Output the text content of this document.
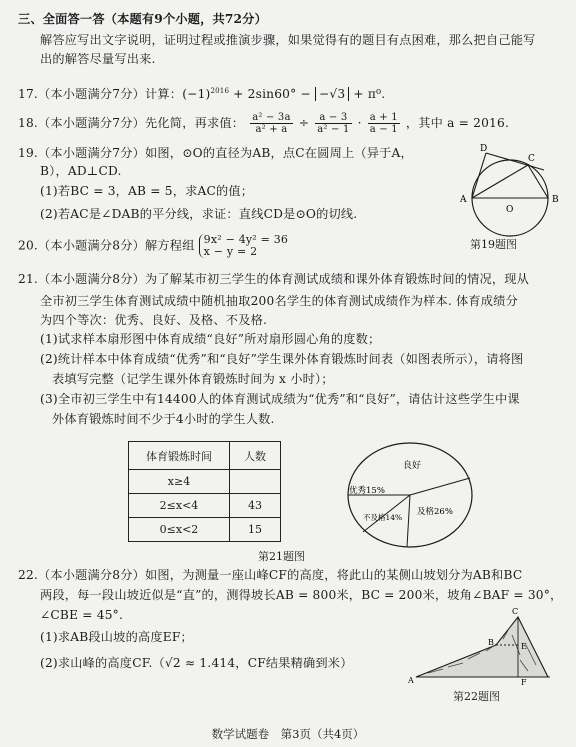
三、全面答一答（本题有9个小题，共72分）
解答应写出文字说明，证明过程或推演步骤，如果觉得有的题目有点困难，那么把自己能写
出的解答尽量写出来.
17.（本小题满分7分）计算：$(-1)^{2016} + 2\sin 60^\circ - -√3 + \pi^0$.
18.（本小题满分7分）先化简，再求值： $\frac{\text{a² − 3a}}{\text{a² + a}} \div \frac{a - 3}{\text{a² − 1}} \cdot \frac{a + 1}{a - 1}$ ，其中 a = 2016.
19.（本小题满分7分）如图，⊙O的直径为AB，点C在圆周上（异于A，
B），AD⊥CD.
(1)若BC = 3，AB = 5，求AC的值；
(2)若AC是∠DAB的平分线，求证：直线CD是⊙O的切线.
D
C
A
O
B
第19题图
20.（本小题满分8分）解方程组 9x² − 4y² = 36
x − y = 2
21.（本小题满分8分）为了解某市初三学生的体育测试成绩和课外体育锻炼时间的情况，现从
全市初三学生体育测试成绩中随机抽取200名学生的体育测试成绩作为样本. 体育成绩分
为四个等次：优秀、良好、及格、不及格.
(1)试求样本扇形图中体育成绩“良好”所对扇形圆心角的度数；
(2)统计样本中体育成绩“优秀”和“良好”学生课外体育锻炼时间表（如图表所示），请将图
表填写完整（记学生课外体育锻炼时间为 x 小时）；
(3)全市初三学生中有14400人的体育测试成绩为“优秀”和“良好”，请估计这些学生中课
外体育锻炼时间不少于4小时的学生人数.
体育锻炼时间	人数
x≥4	
2≤x<4	43
0≤x<2	15
良好
优秀15%
及格26%
不及格14%
第21题图
22.（本小题满分8分）如图，为测量一座山峰CF的高度，将此山的某侧山坡划分为AB和BC
两段，每一段山坡近似是“直”的，测得坡长AB = 800米，BC = 200米，坡角∠BAF = 30°，
∠CBE = 45°.
(1)求AB段山坡的高度EF；
(2)求山峰的高度CF.（√2 ≈ 1.414，CF结果精确到米）
A
B
C
E
F
第22题图
数学试题卷　第3页（共4页）
